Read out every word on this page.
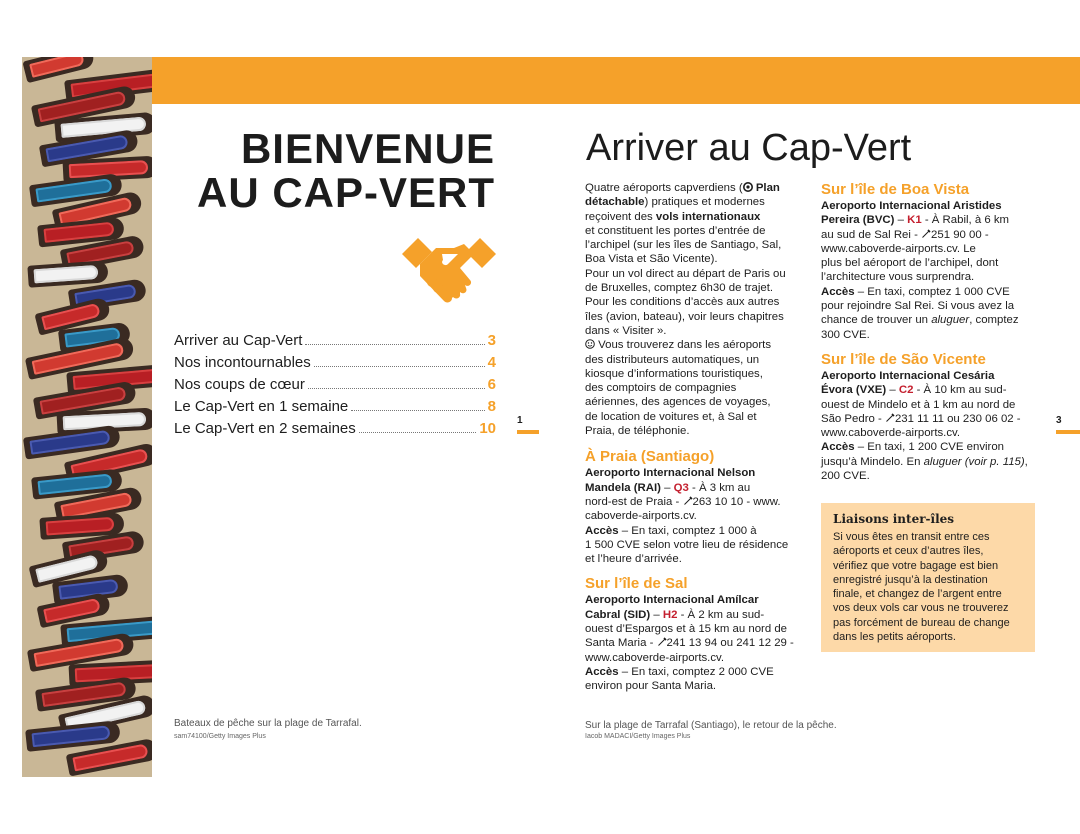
BIENVENUE
AU CAP-VERT
Arriver au Cap-Vert	3
Nos incontournables	4
Nos coups de cœur	6
Le Cap-Vert en 1 semaine	8
Le Cap-Vert en 2 semaines	10 1
Bateaux de pêche sur la plage de Tarrafal.
sam74100/Getty Images Plus
Arriver au Cap-Vert
3

Quatre aéroports capverdiens ( Plan

détachable) pratiques et modernes

reçoivent des vols internationaux

et constituent les portes d’entrée de

l’archipel (sur les îles de Santiago, Sal,

Boa Vista et São Vicente).

Pour un vol direct au départ de Paris ou

de Bruxelles, comptez 6h30 de trajet.

Pour les conditions d’accès aux autres

îles (avion, bateau), voir leurs chapitres

dans « Visiter ».

Vous trouverez dans les aéroports

des distributeurs automatiques, un

kiosque d’informations touristiques,

des comptoirs de compagnies

aériennes, des agences de voyages,

de location de voitures et, à Sal et

Praia, de téléphonie.

À Praia (Santiago)

Aeroporto Internacional Nelson

Mandela (RAI) – Q3 - À 3 km au

nord-est de Praia - 263 10 10 - www.

caboverde-airports.cv.

Accès – En taxi, comptez 1 000 à

1 500 CVE selon votre lieu de résidence

et l’heure d’arrivée.

Sur l’île de Sal

Aeroporto Internacional Amílcar

Cabral (SID) – H2 - À 2 km au sud-

ouest d’Espargos et à 15 km au nord de

Santa Maria - 241 13 94 ou 241 12 29 -

www.caboverde-airports.cv.

Accès – En taxi, comptez 2 000 CVE

environ pour Santa Maria.

Sur l’île de Boa Vista

Aeroporto Internacional Aristides

Pereira (BVC) – K1 - À Rabil, à 6 km

au sud de Sal Rei - 251 90 00 -

www.caboverde-airports.cv. Le

plus bel aéroport de l’archipel, dont

l’architecture vous surprendra.

Accès – En taxi, comptez 1 000 CVE

pour rejoindre Sal Rei. Si vous avez la

chance de trouver un aluguer, comptez

300 CVE.

Sur l’île de São Vicente

Aeroporto Internacional Cesária

Évora (VXE) – C2 - À 10 km au sud-

ouest de Mindelo et à 1 km au nord de

São Pedro - 231 11 11 ou 230 06 02 -

www.caboverde-airports.cv.

Accès – En taxi, 1 200 CVE environ

jusqu’à Mindelo. En aluguer (voir p. 115),

200 CVE.

Liaisons inter-îles

Si vous êtes en transit entre ces

aéroports et ceux d’autres îles,

vérifiez que votre bagage est bien

enregistré jusqu’à la destination

finale, et changez de l’argent entre

vos deux vols car vous ne trouverez

pas forcément de bureau de change

dans les petits aéroports.

Sur la plage de Tarrafal (Santiago), le retour de la pêche.
Iacob MADACI/Getty Images Plus
